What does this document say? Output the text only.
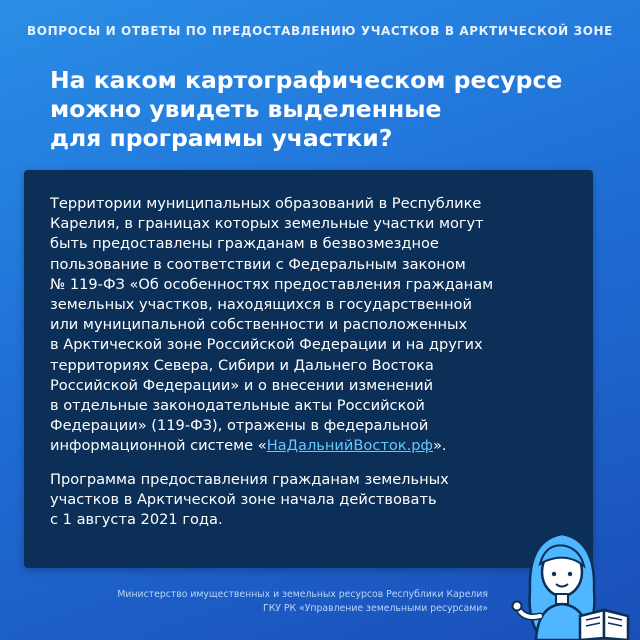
ВОПРОСЫ И ОТВЕТЫ ПО ПРЕДОСТАВЛЕНИЮ УЧАСТКОВ В АРКТИЧЕСКОЙ ЗОНЕ
На каком картографическом ресурсе
можно увидеть выделенные
для программы участки?
Территории муниципальных образований в Республике
Карелия, в границах которых земельные участки могут
быть предоставлены гражданам в безвозмездное
пользование в соответствии с Федеральным законом
№ 119-ФЗ «Об особенностях предоставления гражданам
земельных участков, находящихся в государственной
или муниципальной собственности и расположенных
в Арктической зоне Российской Федерации и на других
территориях Севера, Сибири и Дальнего Востока
Российской Федерации» и о внесении изменений
в отдельные законодательные акты Российской
Федерации» (119-ФЗ), отражены в федеральной
информационной системе «НаДальнийВосток.рф».
Программа предоставления гражданам земельных
участков в Арктической зоне начала действовать
с 1 августа 2021 года.
Министерство имущественных и земельных ресурсов Республики Карелия
ГКУ РК «Управление земельными ресурсами»
